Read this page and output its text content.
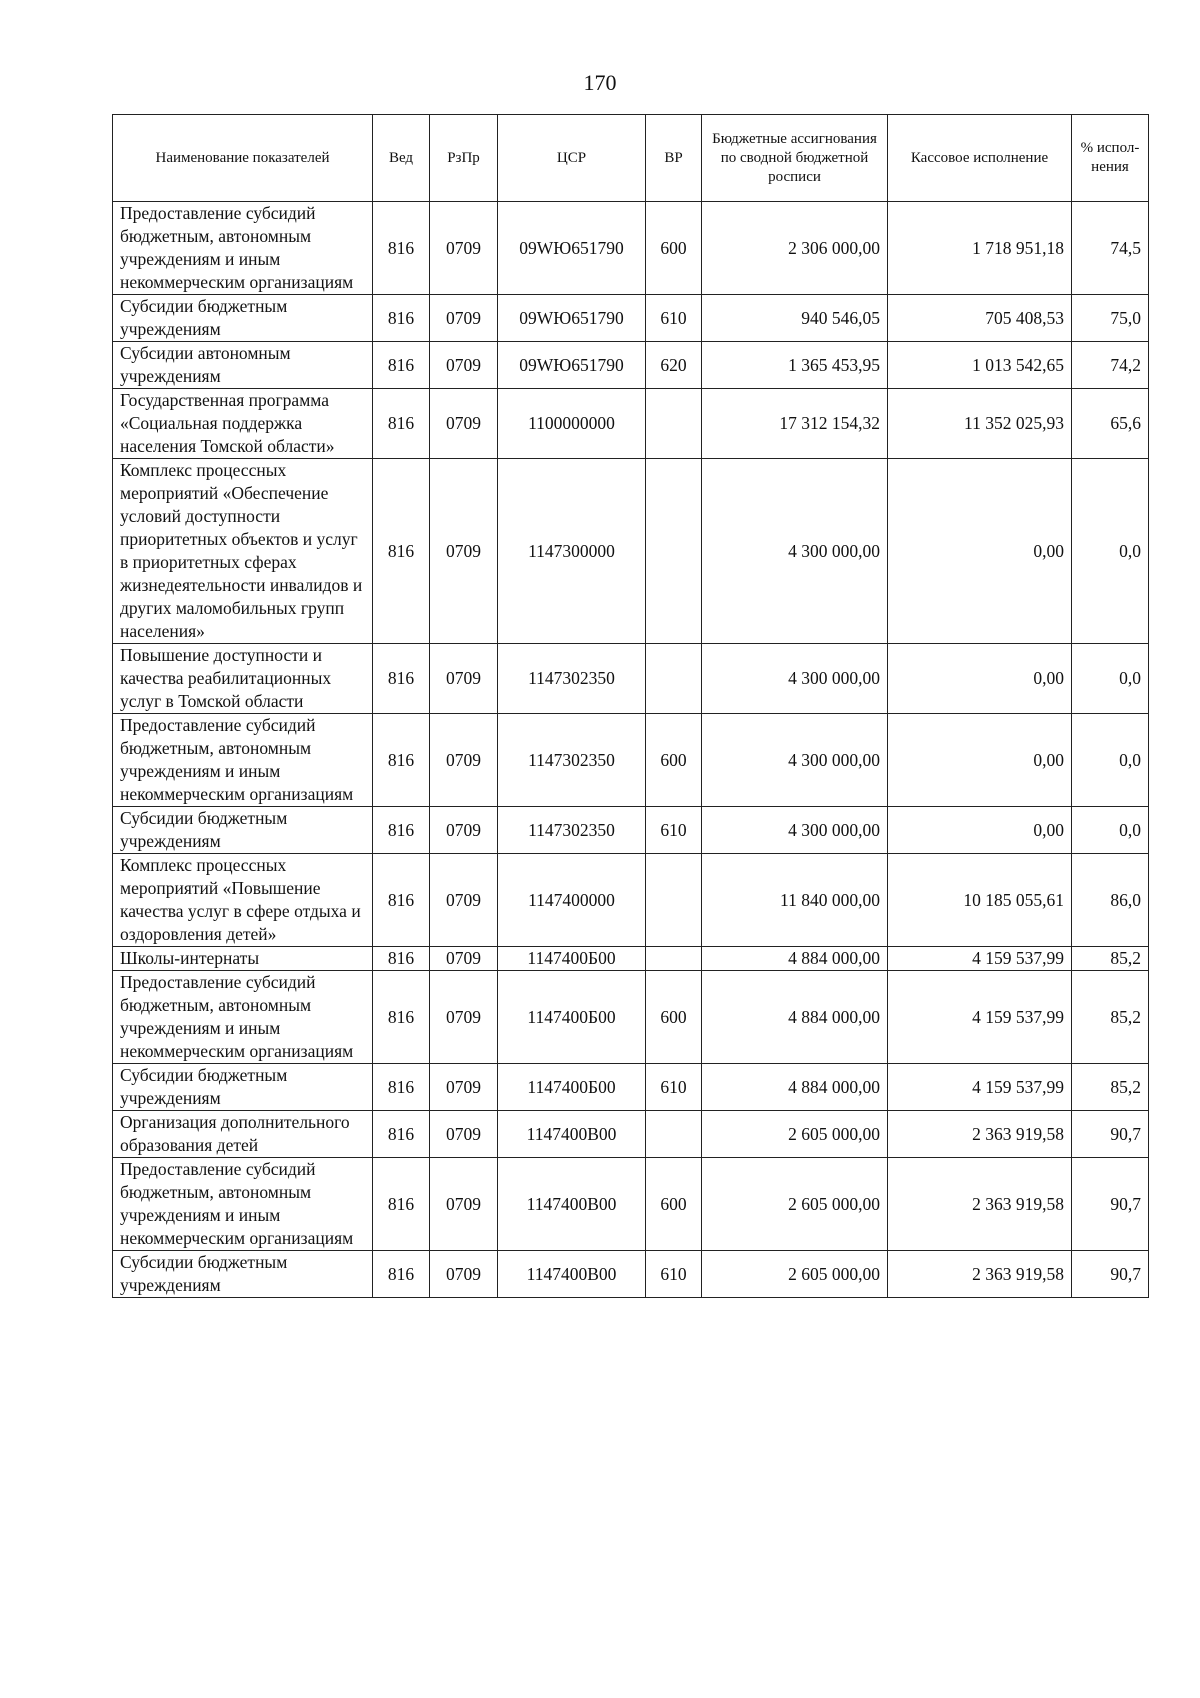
170
Наименование показателей	Вед	РзПр	ЦСР	ВР	Бюджетные ассигнования по сводной бюджетной росписи	Кассовое исполнение	% испол-нения
Предоставление субсидий бюджетным, автономным учреждениям и иным некоммерческим организациям	816	0709	09WЮ651790	600	2 306 000,00	1 718 951,18	74,5
Субсидии бюджетным учреждениям	816	0709	09WЮ651790	610	940 546,05	705 408,53	75,0
Субсидии автономным учреждениям	816	0709	09WЮ651790	620	1 365 453,95	1 013 542,65	74,2
Государственная программа «Социальная поддержка населения Томской области»	816	0709	1100000000		17 312 154,32	11 352 025,93	65,6
Комплекс процессных мероприятий «Обеспечение условий доступности приоритетных объектов и услуг в приоритетных сферах жизнедеятельности инвалидов и других маломобильных групп населения»	816	0709	1147300000		4 300 000,00	0,00	0,0
Повышение доступности и качества реабилитационных услуг в Томской области	816	0709	1147302350		4 300 000,00	0,00	0,0
Предоставление субсидий бюджетным, автономным учреждениям и иным некоммерческим организациям	816	0709	1147302350	600	4 300 000,00	0,00	0,0
Субсидии бюджетным учреждениям	816	0709	1147302350	610	4 300 000,00	0,00	0,0
Комплекс процессных мероприятий «Повышение качества услуг в сфере отдыха и оздоровления детей»	816	0709	1147400000		11 840 000,00	10 185 055,61	86,0
Школы-интернаты	816	0709	1147400Б00		4 884 000,00	4 159 537,99	85,2
Предоставление субсидий бюджетным, автономным учреждениям и иным некоммерческим организациям	816	0709	1147400Б00	600	4 884 000,00	4 159 537,99	85,2
Субсидии бюджетным учреждениям	816	0709	1147400Б00	610	4 884 000,00	4 159 537,99	85,2
Организация дополнительного образования детей	816	0709	1147400В00		2 605 000,00	2 363 919,58	90,7
Предоставление субсидий бюджетным, автономным учреждениям и иным некоммерческим организациям	816	0709	1147400В00	600	2 605 000,00	2 363 919,58	90,7
Субсидии бюджетным учреждениям	816	0709	1147400В00	610	2 605 000,00	2 363 919,58	90,7
